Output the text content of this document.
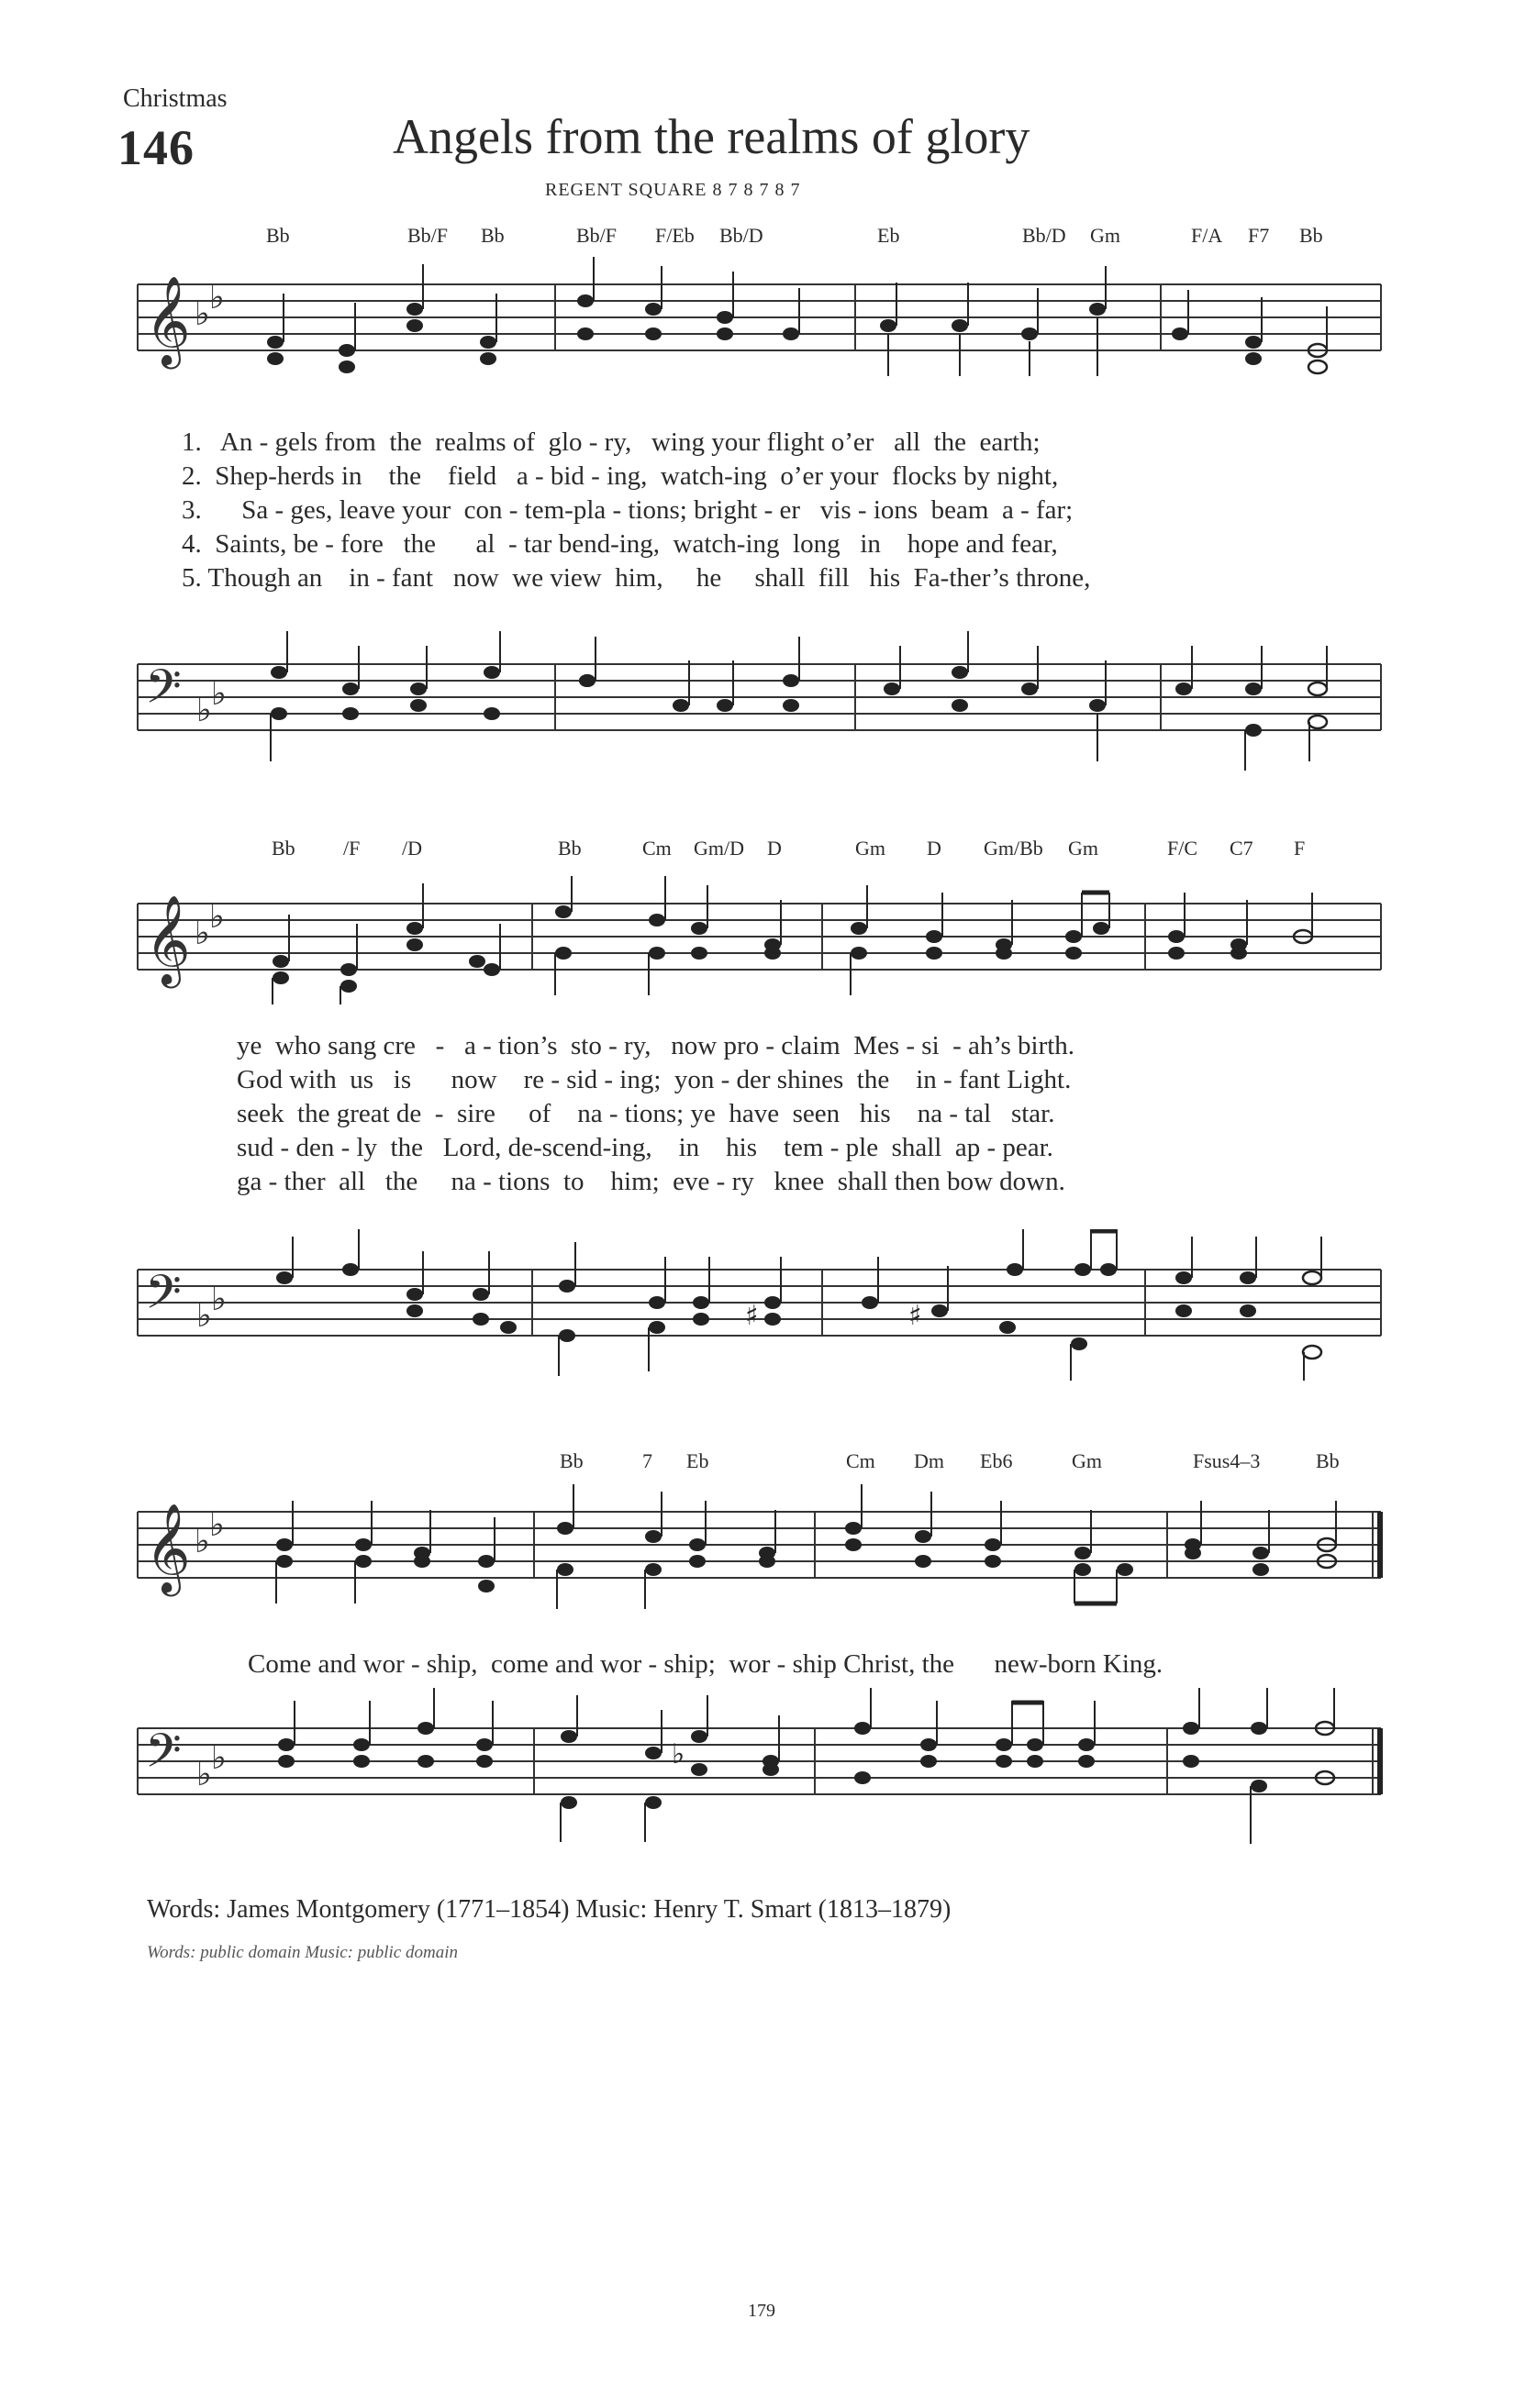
Christmas
146	Angels from the realms of glory
REGENT SQUARE 8 7 8 7 8 7
Bb	Bb/F Bb	Bb/F F/Eb Bb/D	Eb	Bb/D Gm	F/A F7 Bb
𝄞 ♭ ♭
1.   An - gels from  the  realms of  glo - ry,   wing your flight o’er   all  the  earth;
2.  Shep-herds in    the    field   a - bid - ing,  watch-ing  o’er your  flocks by night,
3.      Sa - ges, leave your  con - tem-pla - tions; bright - er   vis - ions  beam  a - far;
4.  Saints, be - fore   the      al  - tar bend-ing,  watch-ing  long   in    hope and fear,
5. Though an    in - fant   now  we view  him,     he     shall  fill   his  Fa-ther’s throne,
𝄢 ♭ ♭
Bb /F /D	Bb	Cm Gm/D D	Gm D Gm/Bb Gm	F/C C7 F
𝄞 ♭ ♭
ye  who sang cre   -   a - tion’s  sto - ry,   now pro - claim  Mes - si  - ah’s birth.
God with  us   is      now    re - sid - ing;  yon - der shines  the    in - fant Light.
seek  the great de  -  sire     of    na - tions; ye  have  seen   his    na - tal   star.
sud - den - ly  the   Lord, de-scend-ing,    in    his    tem - ple  shall  ap - pear.
ga - ther  all   the     na - tions  to    him;  eve - ry   knee  shall then bow down.
𝄢 ♭ ♭	♯	♯
Bb	7 Eb	Cm Dm Eb6	Gm	Fsus4–3	Bb
𝄞 ♭ ♭
Come and wor - ship,  come and wor - ship;  wor - ship Christ, the      new-born King.
𝄢 ♭ ♭	♭
Words: James Montgomery (1771–1854) Music: Henry T. Smart (1813–1879)
Words: public domain Music: public domain
179
